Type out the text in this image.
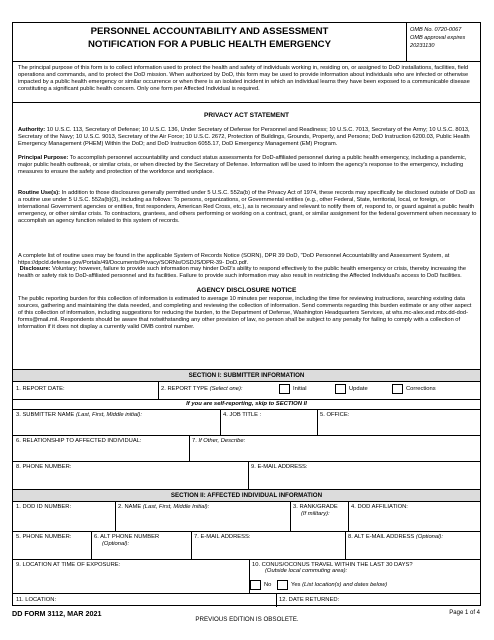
PERSONNEL ACCOUNTABILITY AND ASSESSMENT
NOTIFICATION FOR A PUBLIC HEALTH EMERGENCY
OMB No. 0720-0067
OMB approval expires
20231130

The principal purpose of this form is to collect information used to protect the health and safety of individuals working in, residing on, or assigned to DoD installations, facilities, field operations and commands, and to protect the DoD mission. When authorized by DoD, this form may be used to provide information about individuals who are infected or otherwise impacted by a public health emergency or similar occurrence or when there is an isolated incident in which an individual learns they have been exposed to a communicable disease constituting a significant public health concern. Only one form per Affected Individual is required.

PRIVACY ACT STATEMENT

Authority: 10 U.S.C. 113, Secretary of Defense; 10 U.S.C. 136, Under Secretary of Defense for Personnel and Readiness; 10 U.S.C. 7013, Secretary of the Army; 10 U.S.C. 8013, Secretary of the Navy; 10 U.S.C. 9013, Secretary of the Air Force; 10 U.S.C. 2672, Protection of Buildings, Grounds, Property, and Persons; DoD Instruction 6200.03, Public Health Emergency Management (PHEM) Within the DoD; and DoD Instruction 6055.17, DoD Emergency Management (EM) Program.

Principal Purpose: To accomplish personnel accountability and conduct status assessments for DoD-affiliated personnel during a public health emergency, including a pandemic, major public health outbreak, or similar crisis, or when directed by the Secretary of Defense. Information will be used to inform the agency's response to the emergency, including measures to ensure the safety and protection of the workforce and workplace.

Routine Use(s): In addition to those disclosures generally permitted under 5 U.S.C. 552a(b) of the Privacy Act of 1974, these records may specifically be disclosed outside of DoD as a routine use under 5 U.S.C. 552a(b)(3), including as follows: To persons, organizations, or Governmental entities (e.g., other Federal, State, territorial, local, or foreign, or international Government agencies or entities, first responders, American Red Cross, etc.), as is necessary and relevant to notify them of, respond to, or guard against a public health emergency, or other similar crisis. To contractors, grantees, and others performing or working on a contract, grant, or similar assignment for the federal government when necessary to accomplish an agency function related to this system of records.

A complete list of routine uses may be found in the applicable System of Records Notice (SORN), DPR 39 DoD, "DoD Personnel Accountability and Assessment System, at https://dpcld.defense.gov/Portals/49/Documents/Privacy/SORNs/OSDJS/DPR-39- DoD.pdf.

Disclosure: Voluntary; however, failure to provide such information may hinder DoD's ability to respond effectively to the public health emergency or crisis, thereby increasing the health or safety risk to DoD-affiliated personnel and its facilities. Failure to provide such information may also result in restricting the Affected Individual's access to DoD facilities.

AGENCY DISCLOSURE NOTICE

The public reporting burden for this collection of information is estimated to average 10 minutes per response, including the time for reviewing instructions, searching existing data sources, gathering and maintaining the data needed, and completing and reviewing the collection of information. Send comments regarding this burden estimate or any other aspect of this collection of information, including suggestions for reducing the burden, to the Department of Defense, Washington Headquarters Services, at whs.mc-alex.esd.mbx.dd-dod-forms@mail.mil. Respondents should be aware that notwithstanding any other provision of law, no person shall be subject to any penalty for failing to comply with a collection of information if it does not display a currently valid OMB control number.

SECTION I: SUBMITTER INFORMATION
1. REPORT DATE:	2. REPORT TYPE (Select one):	Initial	Update	Corrections
If you are self-reporting, skip to SECTION II
3. SUBMITTER NAME (Last, First, Middle initial):	4. JOB TITLE :	5. OFFICE:
6. RELATIONSHIP TO AFFECTED INDIVIDUAL:	7. If Other, Describe:
8. PHONE NUMBER:	9. E-MAIL ADDRESS:
SECTION II: AFFECTED INDIVIDUAL INFORMATION
1. DOD ID NUMBER:	2. NAME (Last, First, Middle Initial):	3. RANK/GRADE
(If military):
4. DOD AFFILIATION:
5. PHONE NUMBER:	6. ALT PHONE NUMBER
(Optional):
7. E-MAIL ADDRESS:	8. ALT E-MAIL ADDRESS (Optional):
9. LOCATION AT TIME OF EXPOSURE:	10. CONUS/OCONUS TRAVEL WITHIN THE LAST 30 DAYS?
(Outside local commuting area):
No	Yes (List location(s) and dates below)
11. LOCATION:	12. DATE RETURNED:
DD FORM 3112, MAR 2021
PREVIOUS EDITION IS OBSOLETE.
Page 1 of 4
